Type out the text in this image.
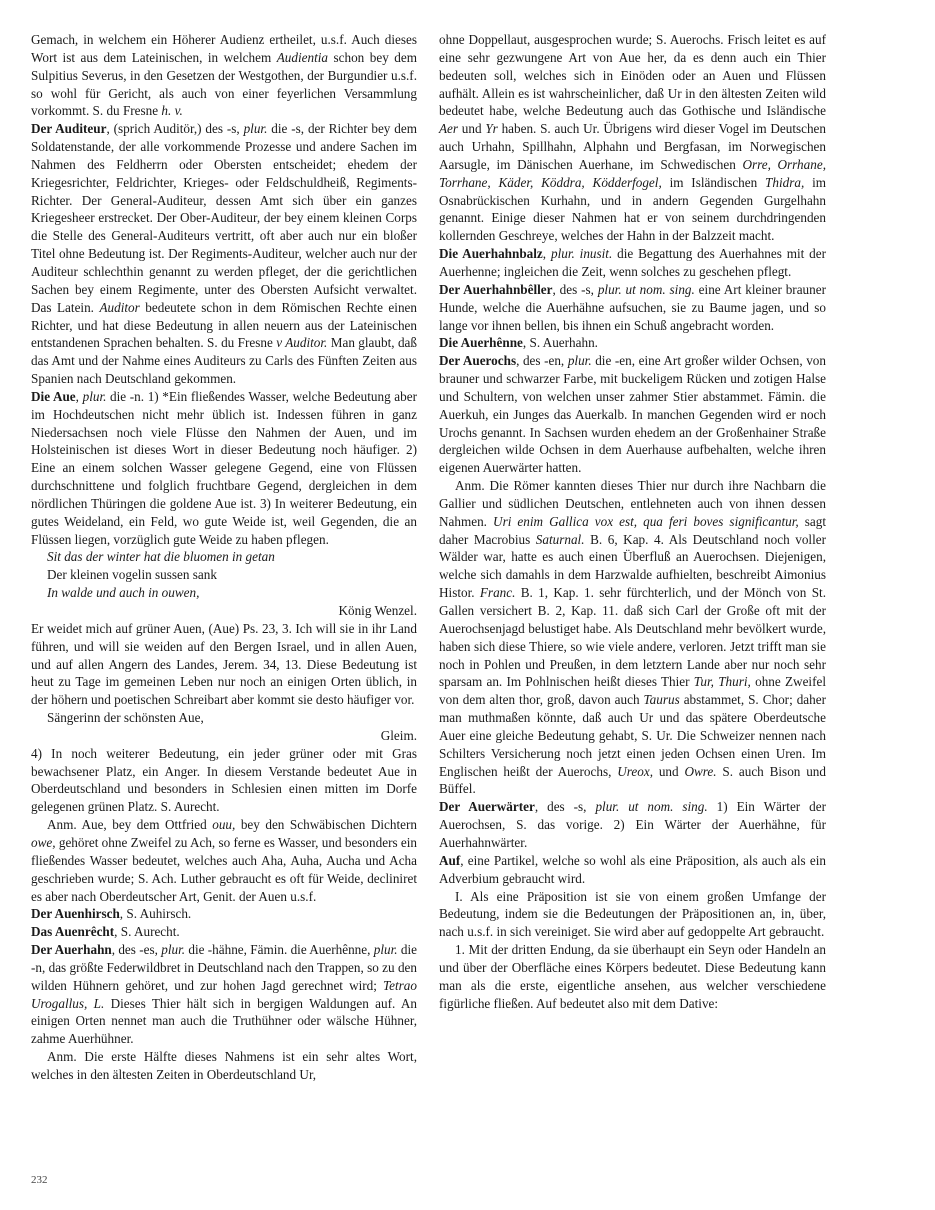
Gemach, in welchem ein Höherer Audienz ertheilet, u.s.f. Auch dieses Wort ist aus dem Lateinischen, in welchem Audientia schon bey dem Sulpitius Severus, in den Gesetzen der Westgothen, der Burgundier u.s.f. so wohl für Gericht, als auch von einer feyerlichen Versammlung vorkommt. S. du Fresne h. v.

Der Auditeur, (sprich Auditör,) des -s, plur. die -s, der Richter bey dem Soldatenstande, der alle vorkommende Prozesse und andere Sachen im Nahmen des Feldherrn oder Obersten entscheidet; ehedem der Kriegesrichter, Feldrichter, Krieges- oder Feldschuldheiß, Regiments-Richter. Der General-Auditeur, dessen Amt sich über ein ganzes Kriegesheer erstrecket. Der Ober-Auditeur, der bey einem kleinen Corps die Stelle des General-Auditeurs vertritt, oft aber auch nur ein bloßer Titel ohne Bedeutung ist. Der Regiments-Auditeur, welcher auch nur der Auditeur schlechthin genannt zu werden pfleget, der die gerichtlichen Sachen bey einem Regimente, unter des Obersten Aufsicht verwaltet. Das Latein. Auditor bedeutete schon in dem Römischen Rechte einen Richter, und hat diese Bedeutung in allen neuern aus der Lateinischen entstandenen Sprachen behalten. S. du Fresne v Auditor. Man glaubt, daß das Amt und der Nahme eines Auditeurs zu Carls des Fünften Zeiten aus Spanien nach Deutschland gekommen.

Die Aue, plur. die -n. 1) *Ein fließendes Wasser, welche Bedeutung aber im Hochdeutschen nicht mehr üblich ist. Indessen führen in ganz Niedersachsen noch viele Flüsse den Nahmen der Auen, und im Holsteinischen ist dieses Wort in dieser Bedeutung noch häufiger. 2) Eine an einem solchen Wasser gelegene Gegend, eine von Flüssen durchschnittene und folglich fruchtbare Gegend, dergleichen in dem nördlichen Thüringen die goldene Aue ist. 3) In weiterer Bedeutung, ein gutes Weideland, ein Feld, wo gute Weide ist, weil Gegenden, die an Flüssen liegen, vorzüglich gute Weide zu haben pflegen.

Sit das der winter hat die bluomen in getan

Der kleinen vogelin sussen sank

In walde und auch in ouwen,

König Wenzel.

Er weidet mich auf grüner Auen, (Aue) Ps. 23, 3. Ich will sie in ihr Land führen, und will sie weiden auf den Bergen Israel, und in allen Auen, und auf allen Angern des Landes, Jerem. 34, 13. Diese Bedeutung ist heut zu Tage im gemeinen Leben nur noch an einigen Orten üblich, in der höhern und poetischen Schreibart aber kommt sie desto häufiger vor.

Sängerinn der schönsten Aue,

Gleim.

4) In noch weiterer Bedeutung, ein jeder grüner oder mit Gras bewachsener Platz, ein Anger. In diesem Verstande bedeutet Aue in Oberdeutschland und besonders in Schlesien einen mitten im Dorfe gelegenen grünen Platz. S. Aurecht.

Anm. Aue, bey dem Ottfried ouu, bey den Schwäbischen Dichtern owe, gehöret ohne Zweifel zu Ach, so ferne es Wasser, und besonders ein fließendes Wasser bedeutet, welches auch Aha, Auha, Aucha und Acha geschrieben wurde; S. Ach. Luther gebraucht es oft für Weide, decliniret es aber nach Oberdeutscher Art, Genit. der Auen u.s.f.

Der Auenhirsch, S. Auhirsch.

Das Auenrêcht, S. Aurecht.

Der Auerhahn, des -es, plur. die -hähne, Fämin. die Auerhênne, plur. die -n, das größte Federwildbret in Deutschland nach den Trappen, so zu den wilden Hühnern gehöret, und zur hohen Jagd gerechnet wird; Tetrao Urogallus, L. Dieses Thier hält sich in bergigen Waldungen auf. An einigen Orten nennet man auch die Truthühner oder wälsche Hühner, zahme Auerhühner.

Anm. Die erste Hälfte dieses Nahmens ist ein sehr altes Wort, welches in den ältesten Zeiten in Oberdeutschland Ur,

ohne Doppellaut, ausgesprochen wurde; S. Auerochs. Frisch leitet es auf eine sehr gezwungene Art von Aue her, da es denn auch ein Thier bedeuten soll, welches sich in Einöden oder an Auen und Flüssen aufhält. Allein es ist wahrscheinlicher, daß Ur in den ältesten Zeiten wild bedeutet habe, welche Bedeutung auch das Gothische und Isländische Aer und Yr haben. S. auch Ur. Übrigens wird dieser Vogel im Deutschen auch Urhahn, Spillhahn, Alphahn und Bergfasan, im Norwegischen Aarsugle, im Dänischen Auerhane, im Schwedischen Orre, Orrhane, Torrhane, Käder, Köddra, Ködderfogel, im Isländischen Thidra, im Osnabrückischen Kurhahn, und in andern Gegenden Gurgelhahn genannt. Einige dieser Nahmen hat er von seinem durchdringenden kollernden Geschreye, welches der Hahn in der Balzzeit macht.

Die Auerhahnbalz, plur. inusit. die Begattung des Auerhahnes mit der Auerhenne; ingleichen die Zeit, wenn solches zu geschehen pflegt.

Der Auerhahnbêller, des -s, plur. ut nom. sing. eine Art kleiner brauner Hunde, welche die Auerhähne aufsuchen, sie zu Baume jagen, und so lange vor ihnen bellen, bis ihnen ein Schuß angebracht worden.

Die Auerhênne, S. Auerhahn.

Der Auerochs, des -en, plur. die -en, eine Art großer wilder Ochsen, von brauner und schwarzer Farbe, mit buckeligem Rücken und zotigen Halse und Schultern, von welchen unser zahmer Stier abstammet. Fämin. die Auerkuh, ein Junges das Auerkalb. In manchen Gegenden wird er noch Urochs genannt. In Sachsen wurden ehedem an der Großenhainer Straße dergleichen wilde Ochsen in dem Auerhause aufbehalten, welche ihren eigenen Auerwärter hatten.

Anm. Die Römer kannten dieses Thier nur durch ihre Nachbarn die Gallier und südlichen Deutschen, entlehneten auch von ihnen dessen Nahmen. Uri enim Gallica vox est, qua feri boves significantur, sagt daher Macrobius Saturnal. B. 6, Kap. 4. Als Deutschland noch voller Wälder war, hatte es auch einen Überfluß an Auerochsen. Diejenigen, welche sich damahls in dem Harzwalde aufhielten, beschreibt Aimonius Histor. Franc. B. 1, Kap. 1. sehr fürchterlich, und der Mönch von St. Gallen versichert B. 2, Kap. 11. daß sich Carl der Große oft mit der Auerochsenjagd belustiget habe. Als Deutschland mehr bevölkert wurde, haben sich diese Thiere, so wie viele andere, verloren. Jetzt trifft man sie noch in Pohlen und Preußen, in dem letztern Lande aber nur noch sehr sparsam an. Im Pohlnischen heißt dieses Thier Tur, Thuri, ohne Zweifel von dem alten thor, groß, davon auch Taurus abstammet, S. Chor; daher man muthmaßen könnte, daß auch Ur und das spätere Oberdeutsche Auer eine gleiche Bedeutung gehabt, S. Ur. Die Schweizer nennen nach Schilters Versicherung noch jetzt einen jeden Ochsen einen Uren. Im Englischen heißt der Auerochs, Ureox, und Owre. S. auch Bison und Büffel.

Der Auerwärter, des -s, plur. ut nom. sing. 1) Ein Wärter der Auerochsen, S. das vorige. 2) Ein Wärter der Auerhähne, für Auerhahnwärter.

Auf, eine Partikel, welche so wohl als eine Präposition, als auch als ein Adverbium gebraucht wird.

I. Als eine Präposition ist sie von einem großen Umfange der Bedeutung, indem sie die Bedeutungen der Präpositionen an, in, über, nach u.s.f. in sich vereiniget. Sie wird aber auf gedoppelte Art gebraucht.

1. Mit der dritten Endung, da sie überhaupt ein Seyn oder Handeln an und über der Oberfläche eines Körpers bedeutet. Diese Bedeutung kann man als die erste, eigentliche ansehen, aus welcher verschiedene figürliche fließen. Auf bedeutet also mit dem Dative:

232
